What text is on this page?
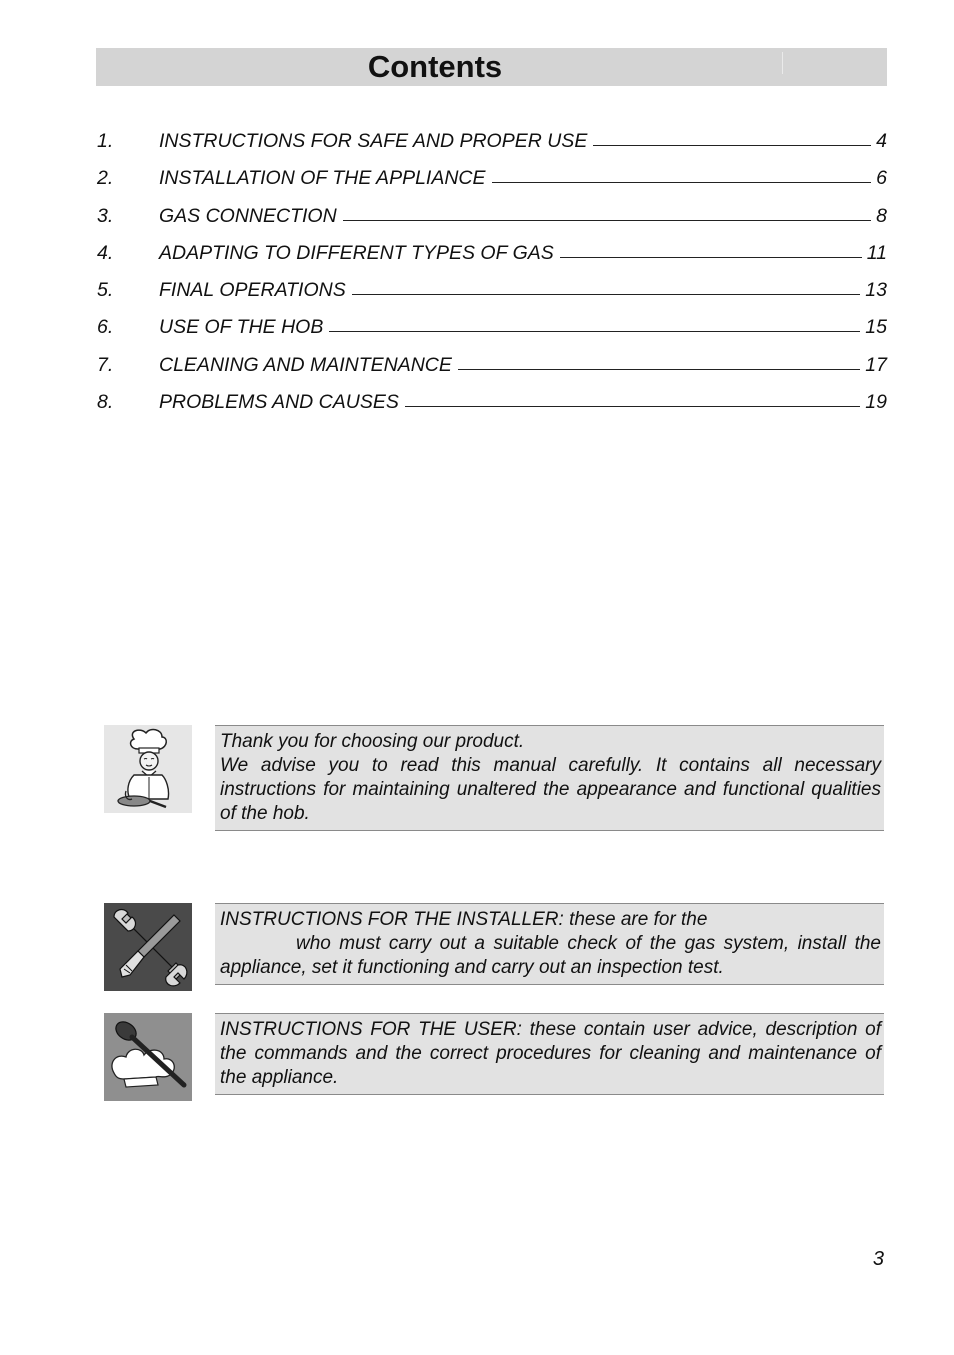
Contents
1.	INSTRUCTIONS FOR SAFE AND PROPER USE	4
2.	INSTALLATION OF THE APPLIANCE	6
3.	GAS CONNECTION	8
4.	ADAPTING TO DIFFERENT TYPES OF GAS	11
5.	FINAL OPERATIONS	13
6.	USE OF THE HOB	15
7.	CLEANING AND MAINTENANCE	17
8.	PROBLEMS AND CAUSES	19
Thank you for choosing our product.
We advise you to read this manual carefully. It contains all necessary instructions for maintaining unaltered the appearance and functional qualities of the hob.
INSTRUCTIONS FOR THE INSTALLER: these are for the
who must carry out a suitable check of the gas system, install the appliance, set it functioning and carry out an inspection test.
INSTRUCTIONS FOR THE USER: these contain user advice, description of the commands and the correct procedures for cleaning and maintenance of the appliance.
3
